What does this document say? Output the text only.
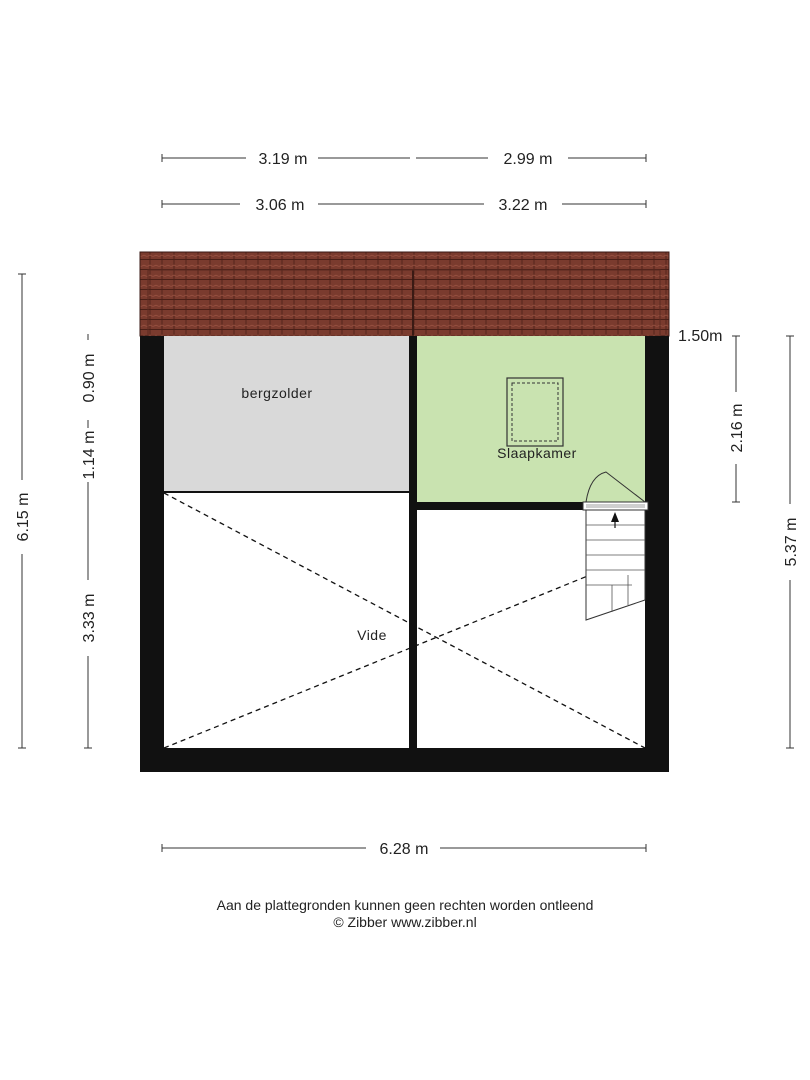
3.19 m	2.99 m
3.06 m	3.22 m
bergzolder
Slaapkamer
Vide
6.28 m
6.15 m
0.90 m
1.14 m
3.33 m
1.50m
2.16 m
5.37 m
Aan de plattegronden kunnen geen rechten worden ontleend
© Zibber www.zibber.nl
